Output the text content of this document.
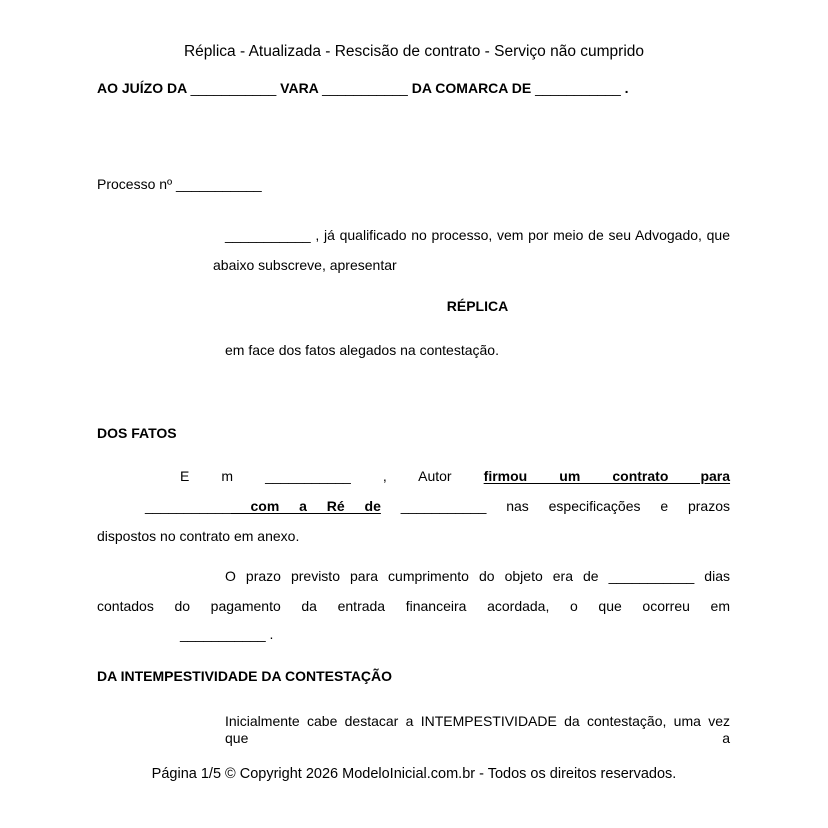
Réplica - Atualizada - Rescisão de contrato - Serviço não cumprido
AO JUÍZO DA ___________ VARA ___________ DA COMARCA DE ___________ .
Processo nº ___________
___________ , já qualificado no processo, vem por meio de seu Advogado, que
abaixo subscreve, apresentar
RÉPLICA
em face dos fatos alegados na contestação.
DOS FATOS
E m ___________ , Autor firmou um contrato para
___________ com a Ré de ___________ nas especificações e prazos
dispostos no contrato em anexo.
O prazo previsto para cumprimento do objeto era de ___________ dias
contados do pagamento da entrada financeira acordada, o que ocorreu em
___________ .
DA INTEMPESTIVIDADE DA CONTESTAÇÃO
Inicialmente cabe destacar a INTEMPESTIVIDADE da contestação, uma vez que a
Página 1/5 © Copyright 2026 ModeloInicial.com.br - Todos os direitos reservados.
